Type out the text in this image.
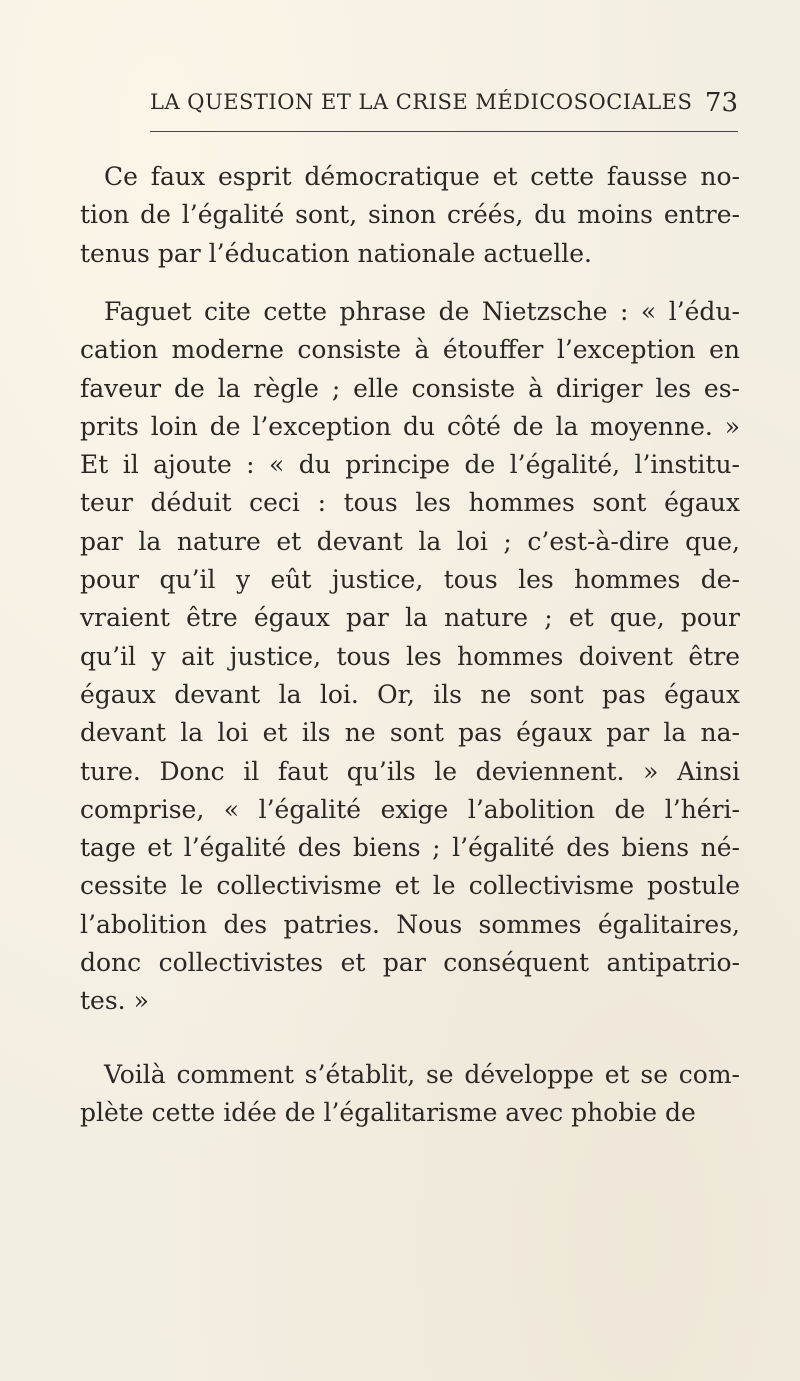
LA QUESTION ET LA CRISE MÉDICOSOCIALES 73
Ce faux esprit démocratique et cette fausse no-
tion de l’égalité sont, sinon créés, du moins entre-
tenus par l’éducation nationale actuelle.
Faguet cite cette phrase de Nietzsche : « l’édu-
cation moderne consiste à étouffer l’exception en
faveur de la règle ; elle consiste à diriger les es-
prits loin de l’exception du côté de la moyenne. »
Et il ajoute : « du principe de l’égalité, l’institu-
teur déduit ceci : tous les hommes sont égaux
par la nature et devant la loi ; c’est-à-dire que,
pour qu’il y eût justice, tous les hommes de-
vraient être égaux par la nature ; et que, pour
qu’il y ait justice, tous les hommes doivent être
égaux devant la loi. Or, ils ne sont pas égaux
devant la loi et ils ne sont pas égaux par la na-
ture. Donc il faut qu’ils le deviennent. » Ainsi
comprise, « l’égalité exige l’abolition de l’héri-
tage et l’égalité des biens ; l’égalité des biens né-
cessite le collectivisme et le collectivisme postule
l’abolition des patries. Nous sommes égalitaires,
donc collectivistes et par conséquent antipatrio-
tes. »
Voilà comment s’établit, se développe et se com-
plète cette idée de l’égalitarisme avec phobie de
